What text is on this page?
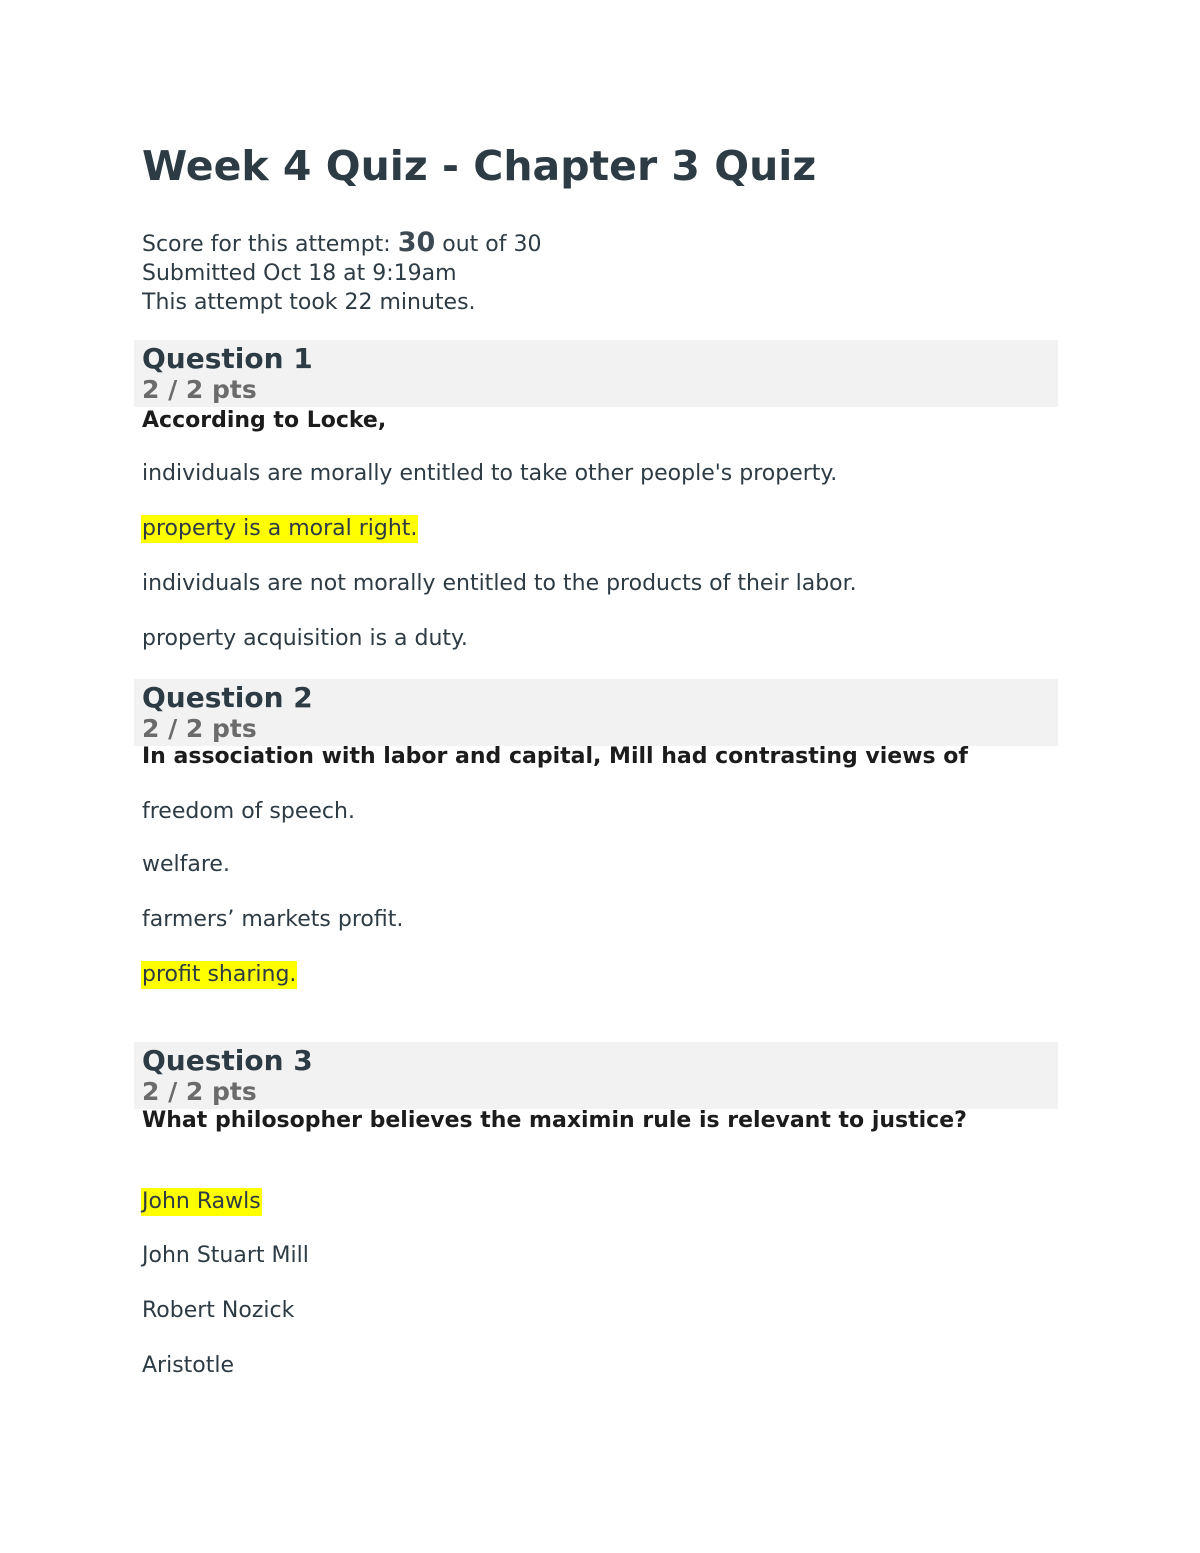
Week 4 Quiz - Chapter 3 Quiz
Score for this attempt: 30 out of 30
Submitted Oct 18 at 9:19am
This attempt took 22 minutes.
Question 1
2 / 2 pts
According to Locke,
individuals are morally entitled to take other people's property.
property is a moral right.
individuals are not morally entitled to the products of their labor.
property acquisition is a duty.
Question 2
2 / 2 pts
In association with labor and capital, Mill had contrasting views of
freedom of speech.
welfare.
farmers’ markets profit.
profit sharing.
Question 3
2 / 2 pts
What philosopher believes the maximin rule is relevant to justice?
John Rawls
John Stuart Mill
Robert Nozick
Aristotle
